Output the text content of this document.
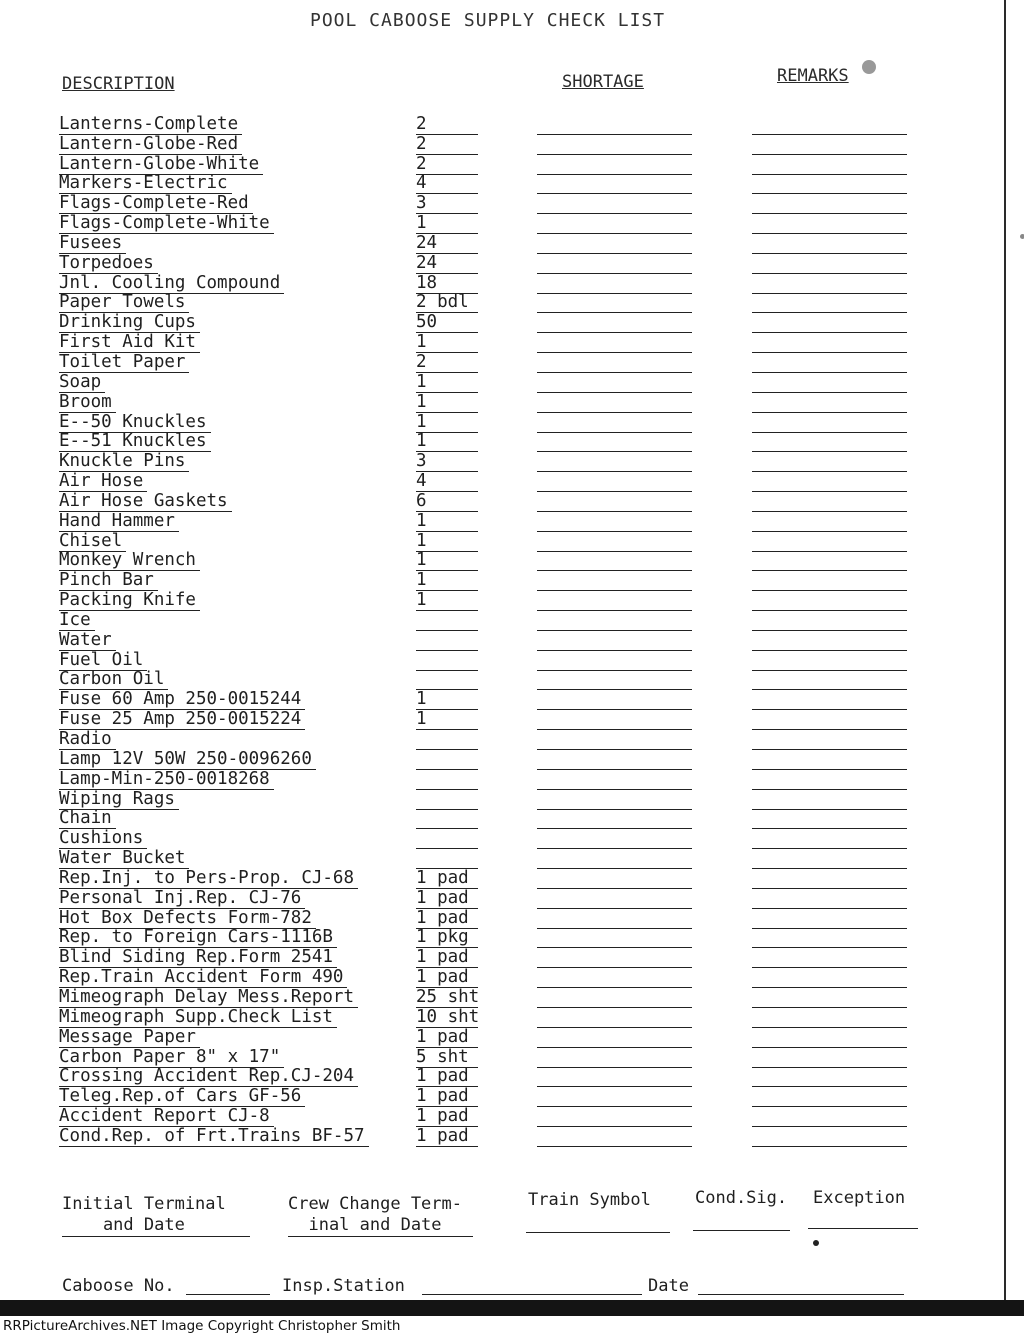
POOL CABOOSE SUPPLY CHECK LIST
DESCRIPTION	SHORTAGE	REMARKS
Lanterns-Complete	2
Lantern-Globe-Red	2
Lantern-Globe-White	2
Markers-Electric	4
Flags-Complete-Red	3
Flags-Complete-White	1
Fusees	24
Torpedoes	24
Jnl. Cooling Compound	18
Paper Towels	2 bdl
Drinking Cups	50
First Aid Kit	1
Toilet Paper	2
Soap	1
Broom	1
E--50 Knuckles	1
E--51 Knuckles	1
Knuckle Pins	3
Air Hose	4
Air Hose Gaskets	6
Hand Hammer	1
Chisel	1
Monkey Wrench	1
Pinch Bar	1
Packing Knife	1
Ice
Water
Fuel Oil
Carbon Oil
Fuse 60 Amp 250-0015244	1
Fuse 25 Amp 250-0015224	1
Radio
Lamp 12V 50W 250-0096260
Lamp-Min-250-0018268
Wiping Rags
Chain
Cushions
Water Bucket
Rep.Inj. to Pers-Prop. CJ-68	1 pad
Personal Inj.Rep. CJ-76	1 pad
Hot Box Defects Form-782	1 pad
Rep. to Foreign Cars-1116B	1 pkg
Blind Siding Rep.Form 2541	1 pad
Rep.Train Accident Form 490	1 pad
Mimeograph Delay Mess.Report	25 sht
Mimeograph Supp.Check List	10 sht
Message Paper	1 pad
Carbon Paper 8" x 17"	5 sht
Crossing Accident Rep.CJ-204	1 pad
Teleg.Rep.of Cars GF-56	1 pad
Accident Report CJ-8	1 pad
Cond.Rep. of Frt.Trains BF-57	1 pad
Initial Terminal
and Date
Crew Change Term-
inal and Date
Train Symbol	Cond.Sig. Exception
Caboose No.	Insp.Station	Date
RRPictureArchives.NET Image Copyright Christopher Smith
